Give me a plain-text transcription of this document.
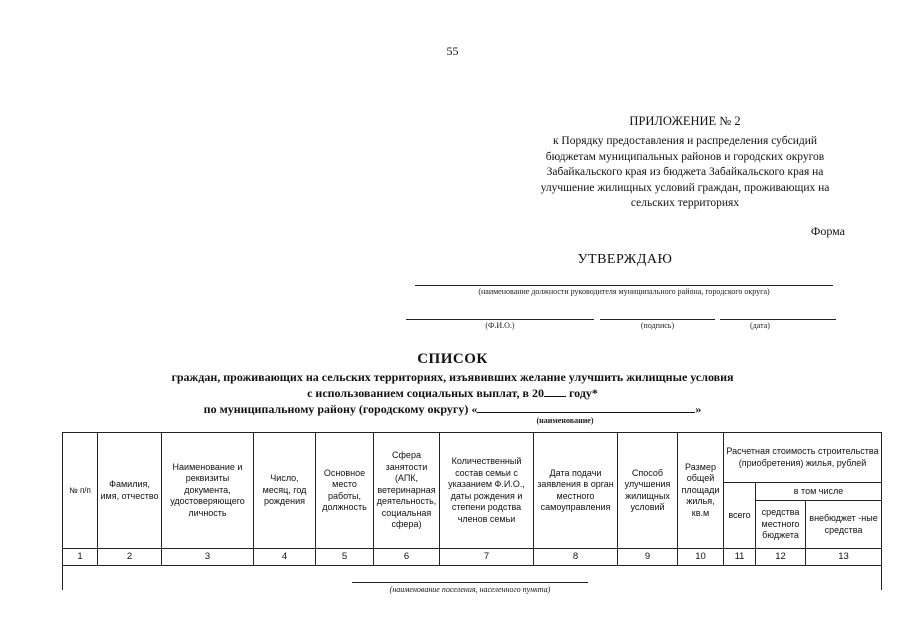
55
ПРИЛОЖЕНИЕ № 2
к Порядку предоставления и распределения субсидий
бюджетам муниципальных районов и городских округов
Забайкальского края из бюджета Забайкальского края на
улучшение жилищных условий граждан, проживающих на
сельских территориях
Форма
УТВЕРЖДАЮ
(наименование должности руководителя муниципального района, городского округа)
(Ф.И.О.)	(подпись)	(дата)
СПИСОК
граждан, проживающих на сельских территориях, изъявивших желание улучшить жилищные условия
с использованием социальных выплат, в 20 году*
по муниципальному району (городскому округу) «	»
(наименование)
№ п/п	Фамилия, имя, отчество	Наименование и реквизиты документа, удостоверяющего личность	Число, месяц, год рождения	Основное место работы, должность	Сфера занятости (АПК, ветеринарная деятельность, социальная сфера)	Количественный состав семьи с указанием Ф.И.О., даты рождения и степени родства членов семьи	Дата подачи заявления в орган местного самоуправления	Способ улучшения жилищных условий	Размер общей площади жилья, кв.м	Расчетная стоимость строительства (приобретения) жилья, рублей		
										всего	в том числе	
											средства местного бюджета	внебюджет -ные средства
1	2	3	4	5	6	7	8	9	10	11	12	13

(наименование поселения, населенного пункта)
